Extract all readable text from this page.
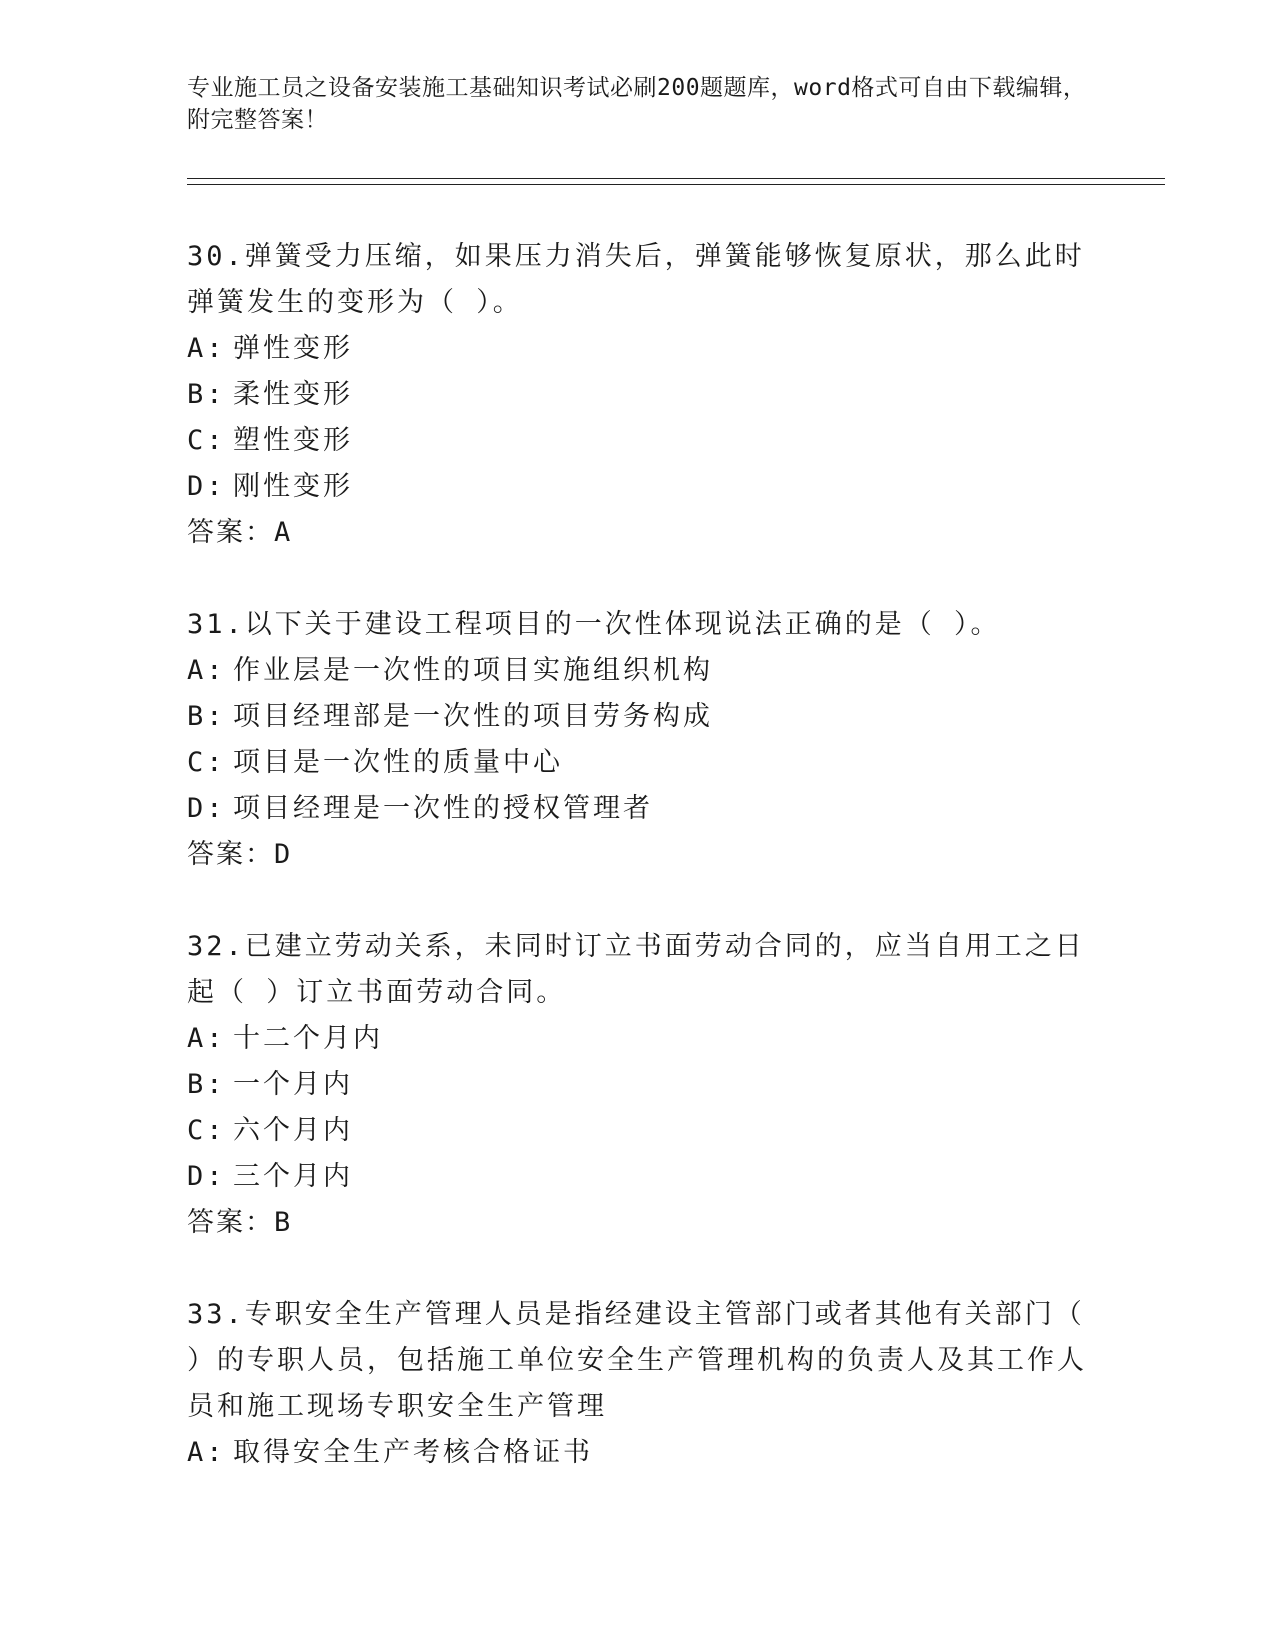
专业施工员之设备安装施工基础知识考试必刷200题题库，word格式可自由下载编辑，附完整答案！
30.弹簧受力压缩，如果压力消失后，弹簧能够恢复原状，那么此时弹簧发生的变形为（ ）。
A: 弹性变形
B: 柔性变形
C: 塑性变形
D: 刚性变形
答案：A
31.以下关于建设工程项目的一次性体现说法正确的是（ ）。
A: 作业层是一次性的项目实施组织机构
B: 项目经理部是一次性的项目劳务构成
C: 项目是一次性的质量中心
D: 项目经理是一次性的授权管理者
答案：D
32.已建立劳动关系，未同时订立书面劳动合同的，应当自用工之日起（ ）订立书面劳动合同。
A: 十二个月内
B: 一个月内
C: 六个月内
D: 三个月内
答案：B
33.专职安全生产管理人员是指经建设主管部门或者其他有关部门（ ）的专职人员，包括施工单位安全生产管理机构的负责人及其工作人员和施工现场专职安全生产管理
A: 取得安全生产考核合格证书
